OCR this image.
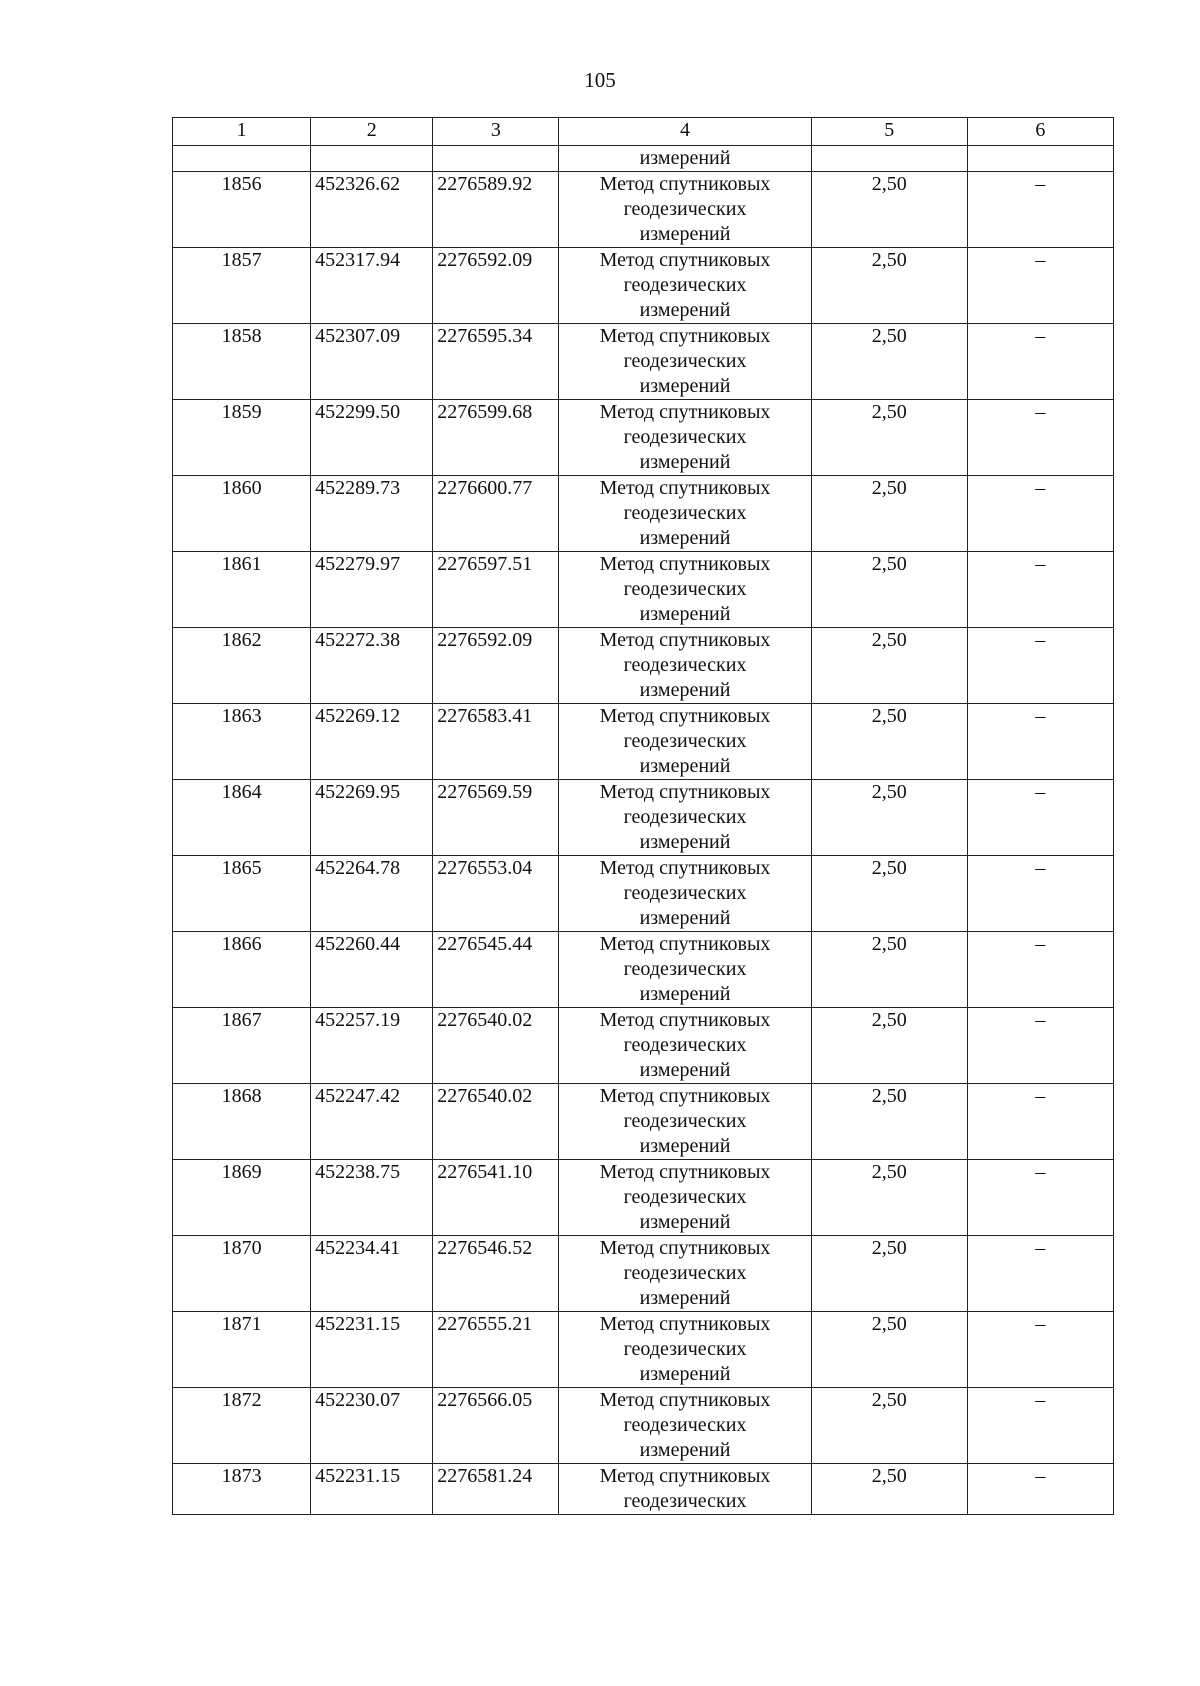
105
1	2	3	4	5	6
			измерений		
1856	452326.62	2276589.92	Метод спутниковых
геодезических
измерений	2,50	–
1857	452317.94	2276592.09	Метод спутниковых
геодезических
измерений	2,50	–
1858	452307.09	2276595.34	Метод спутниковых
геодезических
измерений	2,50	–
1859	452299.50	2276599.68	Метод спутниковых
геодезических
измерений	2,50	–
1860	452289.73	2276600.77	Метод спутниковых
геодезических
измерений	2,50	–
1861	452279.97	2276597.51	Метод спутниковых
геодезических
измерений	2,50	–
1862	452272.38	2276592.09	Метод спутниковых
геодезических
измерений	2,50	–
1863	452269.12	2276583.41	Метод спутниковых
геодезических
измерений	2,50	–
1864	452269.95	2276569.59	Метод спутниковых
геодезических
измерений	2,50	–
1865	452264.78	2276553.04	Метод спутниковых
геодезических
измерений	2,50	–
1866	452260.44	2276545.44	Метод спутниковых
геодезических
измерений	2,50	–
1867	452257.19	2276540.02	Метод спутниковых
геодезических
измерений	2,50	–
1868	452247.42	2276540.02	Метод спутниковых
геодезических
измерений	2,50	–
1869	452238.75	2276541.10	Метод спутниковых
геодезических
измерений	2,50	–
1870	452234.41	2276546.52	Метод спутниковых
геодезических
измерений	2,50	–
1871	452231.15	2276555.21	Метод спутниковых
геодезических
измерений	2,50	–
1872	452230.07	2276566.05	Метод спутниковых
геодезических
измерений	2,50	–
1873	452231.15	2276581.24	Метод спутниковых
геодезических	2,50	–
